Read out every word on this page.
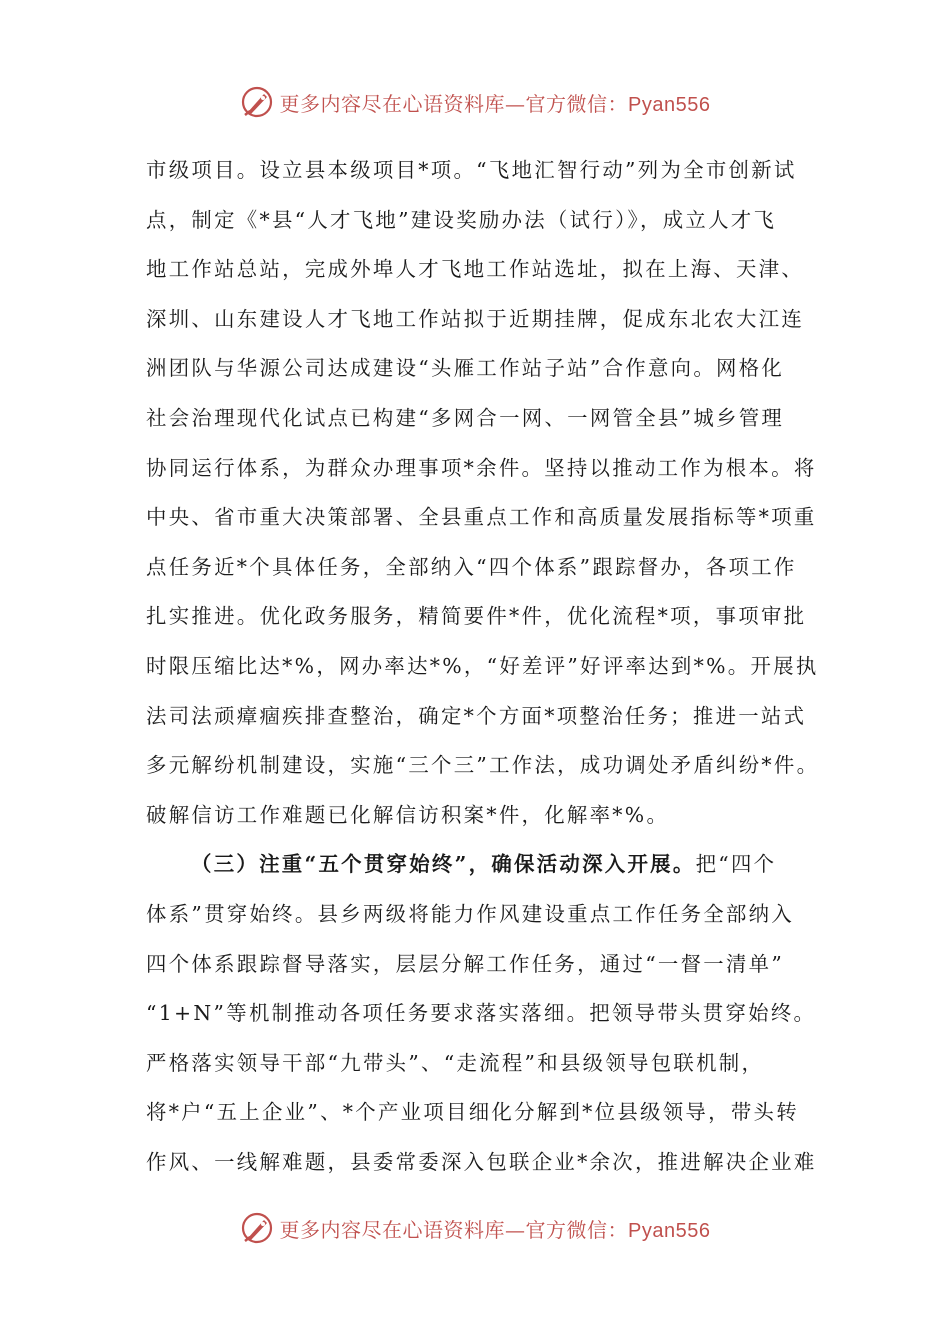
更多内容尽在心语资料库—官方微信：Pyan556
市级项目。设立县本级项目*项。“飞地汇智行动”列为全市创新试
点，制定《*县“人才飞地”建设奖励办法（试行）》，成立人才飞
地工作站总站，完成外埠人才飞地工作站选址，拟在上海、天津、
深圳、山东建设人才飞地工作站拟于近期挂牌，促成东北农大江连
洲团队与华源公司达成建设“头雁工作站子站”合作意向。网格化
社会治理现代化试点已构建“多网合一网、一网管全县”城乡管理
协同运行体系，为群众办理事项*余件。坚持以推动工作为根本。将
中央、省市重大决策部署、全县重点工作和高质量发展指标等*项重
点任务近*个具体任务，全部纳入“四个体系”跟踪督办，各项工作
扎实推进。优化政务服务，精简要件*件，优化流程*项，事项审批
时限压缩比达*%，网办率达*%，“好差评”好评率达到*%。开展执
法司法顽瘴痼疾排查整治，确定*个方面*项整治任务；推进一站式
多元解纷机制建设，实施“三个三”工作法，成功调处矛盾纠纷*件。
破解信访工作难题已化解信访积案*件，化解率*%。
（三）注重“五个贯穿始终”，确保活动深入开展。把“四个
体系”贯穿始终。县乡两级将能力作风建设重点工作任务全部纳入
四个体系跟踪督导落实，层层分解工作任务，通过“一督一清单”
“1+N”等机制推动各项任务要求落实落细。把领导带头贯穿始终。
严格落实领导干部“九带头”、“走流程”和县级领导包联机制，
将*户“五上企业”、*个产业项目细化分解到*位县级领导，带头转
作风、一线解难题，县委常委深入包联企业*余次，推进解决企业难
更多内容尽在心语资料库—官方微信：Pyan556
